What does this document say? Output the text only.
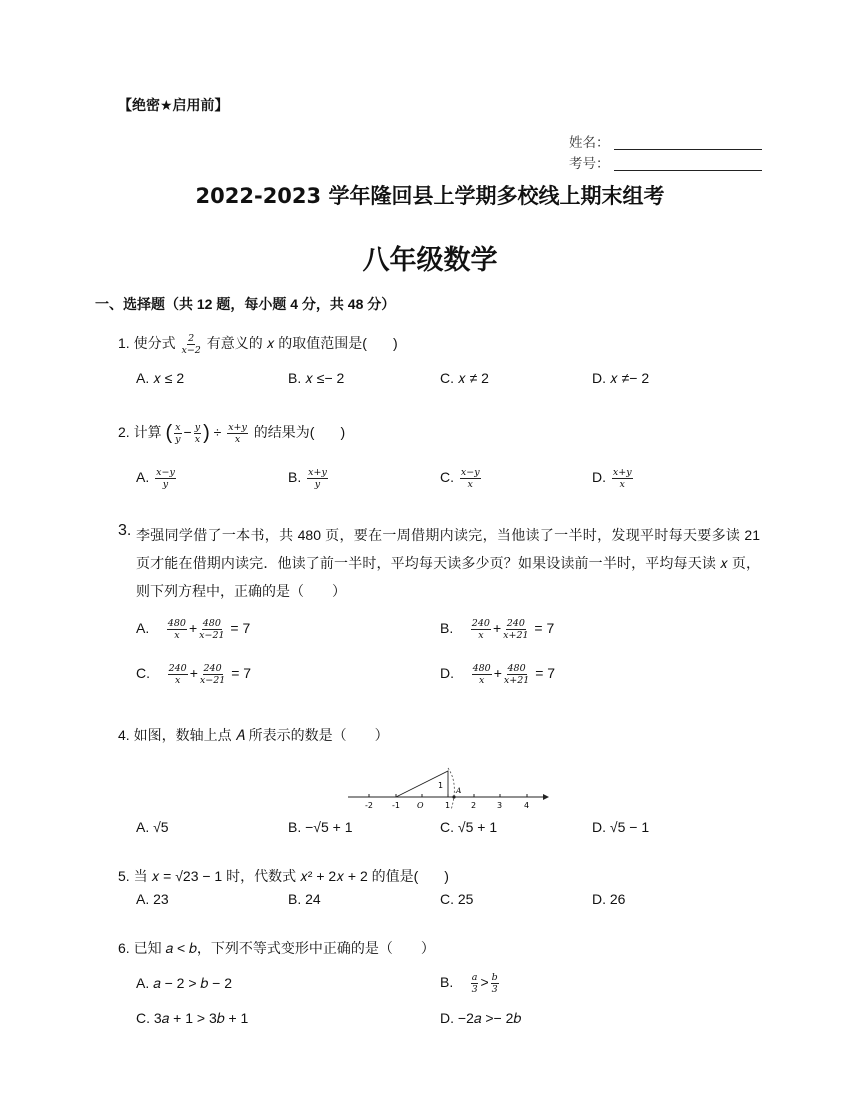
【绝密★启用前】
姓名：
考号：
2022-2023 学年隆回县上学期多校线上期末组考
八年级数学
一、选择题（共 12 题，每小题 4 分，共 48 分）
1. 使分式 $\frac{2}{x-2}$ 有意义的 𝑥 的取值范围是( )
A. 𝑥 ≤ 2	B. 𝑥 ≤− 2	C. 𝑥 ≠ 2	D. 𝑥 ≠− 2
2. 计算 ( $\frac{x}{y} - \frac{y}{x}$ ) ÷ $\frac{x+y}{x}$ 的结果为( )
A. $\frac{x-y}{y}$	B. $\frac{x+y}{y}$	C. $\frac{x-y}{x}$	D. $\frac{x+y}{x}$
3. 李强同学借了一本书，共 480 页，要在一周借期内读完，当他读了一半时，发现平时每天要多读 21 页才能在借期内读完．他读了前一半时，平均每天读多少页？如果设读前一半时，平均每天读 𝑥 页，则下列方程中，正确的是（　　）
A. $\frac{480}{x} + \frac{480}{x-21} = 7$	B. $\frac{240}{x} + \frac{240}{x+21} = 7$
C. $\frac{240}{x} + \frac{240}{x-21} = 7$	D. $\frac{480}{x} + \frac{480}{x+21} = 7$
4. 如图，数轴上点 𝐴 所表示的数是（　　）
-2 -1 O	1	2	3	4
1
A
A. √5	B. −√5 + 1	C. √5 + 1	D. √5 − 1
5. 当 𝑥 = √23 − 1 时，代数式 𝑥² + 2𝑥 + 2 的值是( )
A. 23	B. 24	C. 25	D. 26
6. 已知 𝑎 < 𝑏，下列不等式变形中正确的是（　　）
A. 𝑎 − 2 > 𝑏 − 2	B. $\frac{a}{3} > \frac{b}{3}$
C. 3𝑎 + 1 > 3𝑏 + 1	D. −2𝑎 >− 2𝑏
